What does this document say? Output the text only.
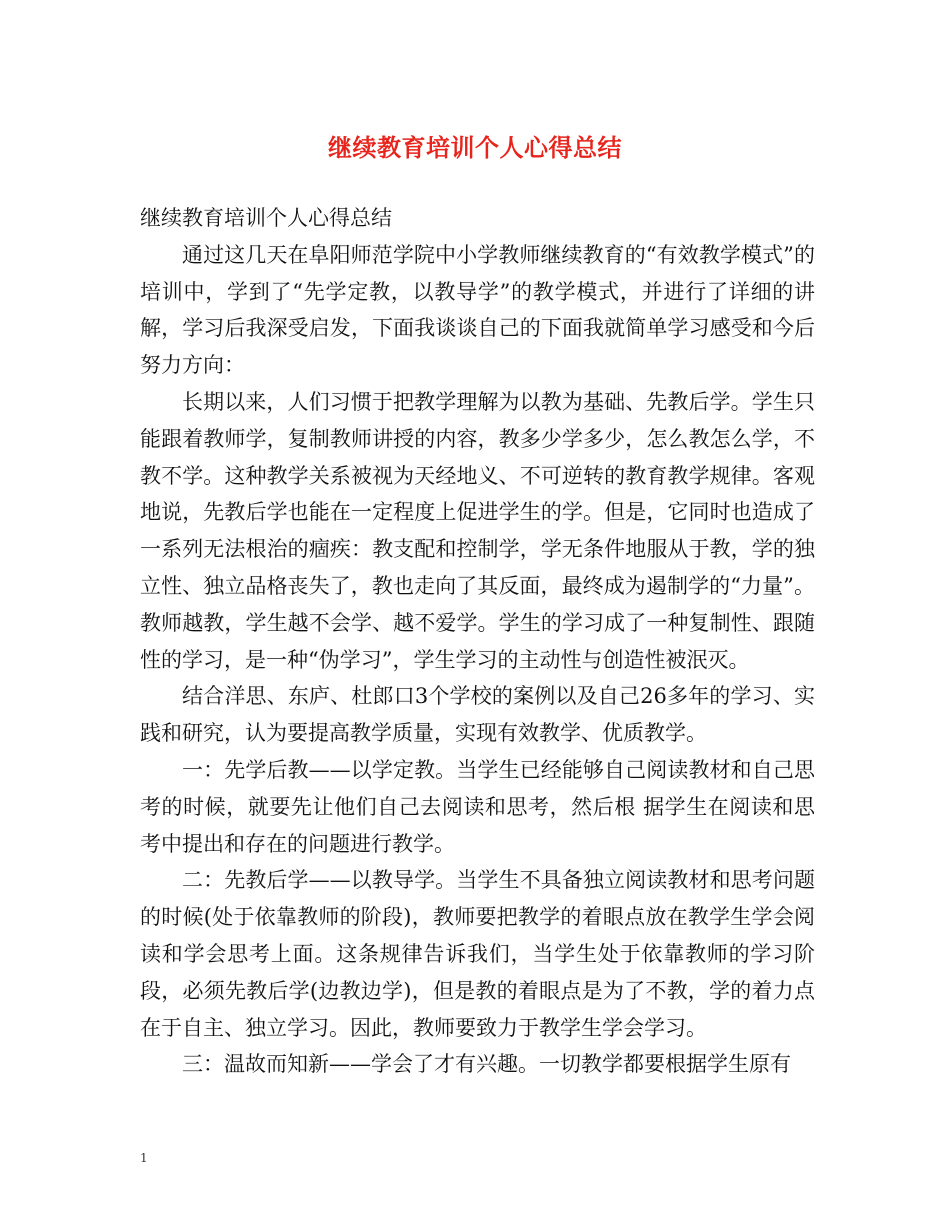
继续教育培训个人心得总结

继续教育培训个人心得总结

通过这几天在阜阳师范学院中小学教师继续教育的“有效教学模式”的培训中，学到了“先学定教，以教导学”的教学模式，并进行了详细的讲解，学习后我深受启发，下面我谈谈自己的下面我就简单学习感受和今后努力方向：

长期以来，人们习惯于把教学理解为以教为基础、先教后学。学生只能跟着教师学，复制教师讲授的内容，教多少学多少，怎么教怎么学，不教不学。这种教学关系被视为天经地义、不可逆转的教育教学规律。客观地说，先教后学也能在一定程度上促进学生的学。但是，它同时也造成了一系列无法根治的痼疾：教支配和控制学，学无条件地服从于教，学的独立性、独立品格丧失了，教也走向了其反面，最终成为遏制学的“力量”。教师越教，学生越不会学、越不爱学。学生的学习成了一种复制性、跟随性的学习，是一种“伪学习”，学生学习的主动性与创造性被泯灭。

结合洋思、东庐、杜郎口3个学校的案例以及自己26多年的学习、实践和研究，认为要提高教学质量，实现有效教学、优质教学。

一：先学后教——以学定教。当学生已经能够自己阅读教材和自己思考的时候，就要先让他们自己去阅读和思考，然后根 据学生在阅读和思考中提出和存在的问题进行教学。

二：先教后学——以教导学。当学生不具备独立阅读教材和思考问题的时候(处于依靠教师的阶段)，教师要把教学的着眼点放在教学生学会阅读和学会思考上面。这条规律告诉我们，当学生处于依靠教师的学习阶段，必须先教后学(边教边学)，但是教的着眼点是为了不教，学的着力点在于自主、独立学习。因此，教师要致力于教学生学会学习。

三：温故而知新——学会了才有兴趣。一切教学都要根据学生原有

1
